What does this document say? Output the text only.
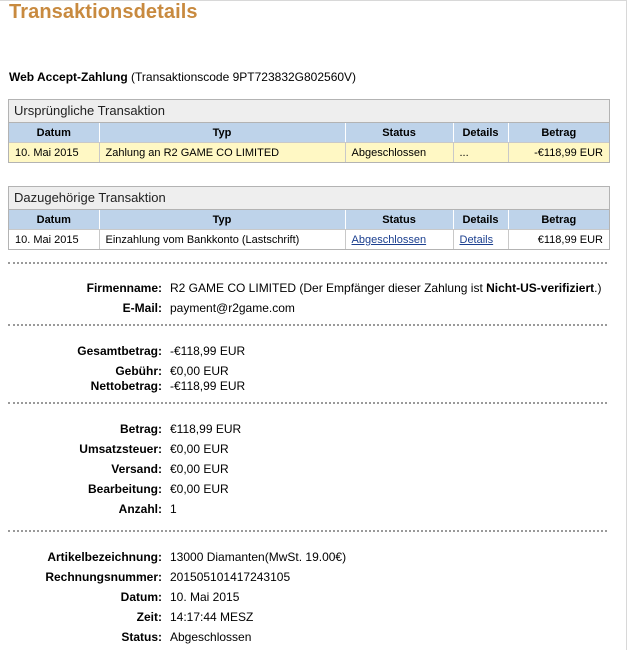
Transaktionsdetails
Web Accept-Zahlung (Transaktionscode 9PT723832G802560V)
Ursprüngliche Transaktion
Datum	Typ	Status	Details	Betrag
10. Mai 2015	Zahlung an R2 GAME CO LIMITED	Abgeschlossen	...	-€118,99 EUR
Dazugehörige Transaktion
Datum	Typ	Status	Details	Betrag
10. Mai 2015	Einzahlung vom Bankkonto (Lastschrift)	Abgeschlossen	Details	€118,99 EUR
Firmenname: R2 GAME CO LIMITED (Der Empfänger dieser Zahlung ist Nicht-US-verifiziert.)
E-Mail: payment@r2game.com
Gesamtbetrag: -€118,99 EUR
Gebühr: €0,00 EUR
Nettobetrag: -€118,99 EUR
Betrag: €118,99 EUR
Umsatzsteuer: €0,00 EUR
Versand: €0,00 EUR
Bearbeitung: €0,00 EUR
Anzahl: 1
Artikelbezeichnung: 13000 Diamanten(MwSt. 19.00€)
Rechnungsnummer: 201505101417243105
Datum: 10. Mai 2015
Zeit: 14:17:44 MESZ
Status: Abgeschlossen
